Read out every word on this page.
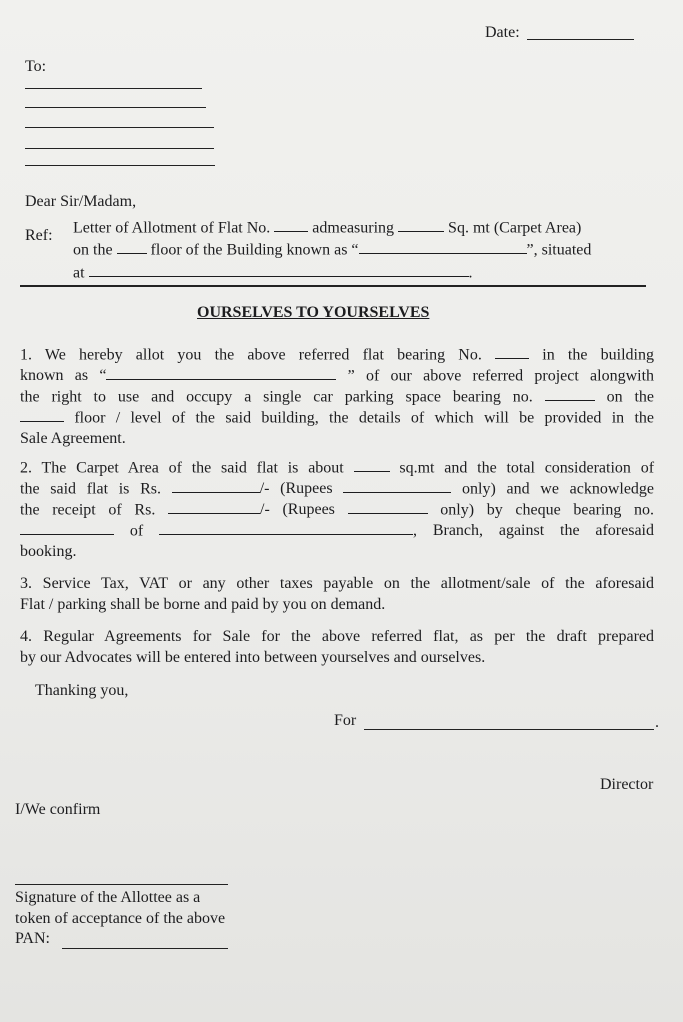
Date:
To:
Dear Sir/Madam,
Ref: Letter of Allotment of Flat No.	admeasuring	Sq. mt (Carpet Area)
on the floor of the Building known as “	”, situated
at	.
OURSELVES TO YOURSELVES
1. We hereby allot you the above referred flat bearing No.	in the building
known as “	” of our above referred project alongwith
the right to use and occupy a single car parking space bearing no.	on the
floor / level of the said building, the details of which will be provided in the
Sale Agreement.
2. The Carpet Area of the said flat is about	sq.mt and the total consideration of
the said flat is Rs.	/- (Rupees	only) and we acknowledge
the receipt of Rs.	/- (Rupees	only) by cheque bearing no.
of	, Branch, against the aforesaid
booking.
3. Service Tax, VAT or any other taxes payable on the allotment/sale of the aforesaid
Flat / parking shall be borne and paid by you on demand.
4. Regular Agreements for Sale for the above referred flat, as per the draft prepared
by our Advocates will be entered into between yourselves and ourselves.
Thanking you,
For	.
Director
I/We confirm
Signature of the Allottee as a
token of acceptance of the above
PAN:
